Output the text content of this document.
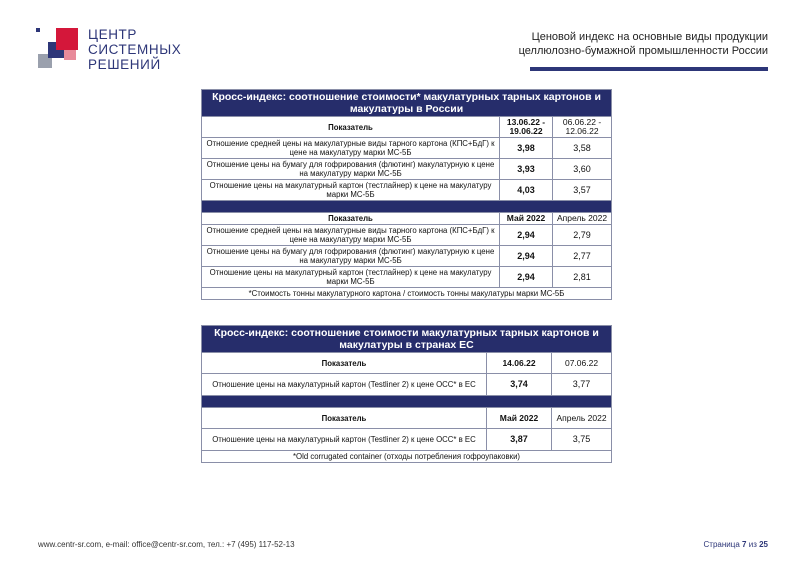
ЦЕНТР
СИСТЕМНЫХ
РЕШЕНИЙ
Ценовой индекс на основные виды продукции
целлюлозно-бумажной промышленности России
Кросс-индекс: соотношение стоимости* макулатурных тарных картонов и макулатуры в России		
Показатель	13.06.22 - 19.06.22	06.06.22 - 12.06.22
Отношение средней цены на макулатурные виды тарного картона (КПС+БдГ) к цене на макулатуру марки МС-5Б	3,98	3,58
Отношение цены на бумагу для гофрирования (флютинг) макулатурную к цене на макулатуру марки МС-5Б	3,93	3,60
Отношение цены на макулатурный картон (тестлайнер) к цене на макулатуру марки МС-5Б	4,03	3,57

Показатель	Май 2022	Апрель 2022
Отношение средней цены на макулатурные виды тарного картона (КПС+БдГ) к цене на макулатуру марки МС-5Б	2,94	2,79
Отношение цены на бумагу для гофрирования (флютинг) макулатурную к цене на макулатуру марки МС-5Б	2,94	2,77
Отношение цены на макулатурный картон (тестлайнер) к цене на макулатуру марки МС-5Б	2,94	2,81
*Стоимость тонны макулатурного картона / стоимость тонны макулатуры марки МС-5Б		
Кросс-индекс: соотношение стоимости макулатурных тарных картонов и макулатуры в странах ЕС		
Показатель	14.06.22	07.06.22
Отношение цены на макулатурный картон (Testliner 2) к цене ОСС* в ЕС	3,74	3,77

Показатель	Май 2022	Апрель 2022
Отношение цены на макулатурный картон (Testliner 2) к цене ОСС* в ЕС	3,87	3,75
*Old corrugated container (отходы потребления гофроупаковки)		
www.centr-sr.com, e-mail: office@centr-sr.com, тел.: +7 (495) 117-52-13	Страница 7 из 25
